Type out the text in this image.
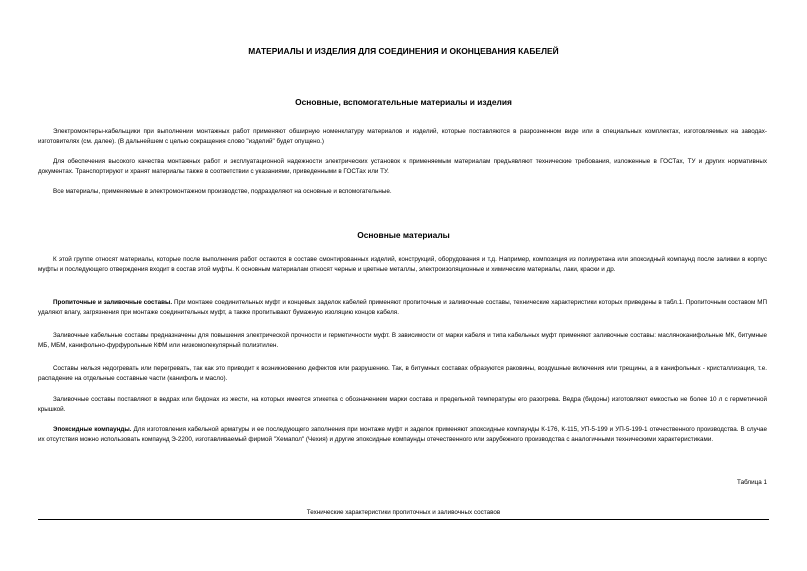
МАТЕРИАЛЫ И ИЗДЕЛИЯ ДЛЯ СОЕДИНЕНИЯ И ОКОНЦЕВАНИЯ КАБЕЛЕЙ
Основные, вспомогательные материалы и изделия

Электромонтеры-кабельщики при выполнении монтажных работ применяют обширную номенклатуру материалов и изделий, которые поставляются в разрозненном виде или в специальных комплектах, изготовляемых на заводах-изготовителях (см. далее). (В дальнейшем с целью сокращения слово "изделий" будет опущено.)

Для обеспечения высокого качества монтажных работ и эксплуатационной надежности электрических установок к применяемым материалам предъявляют технические требования, изложенные в ГОСТах, ТУ и других нормативных документах. Транспортируют и хранят материалы также в соответствии с указаниями, приведенными в ГОСТах или ТУ.

Все материалы, применяемые в электромонтажном производстве, подразделяют на основные и вспомогательные.

Основные материалы

К этой группе относят материалы, которые после выполнения работ остаются в составе смонтированных изделий, конструкций, оборудования и т.д. Например, композиция из полиуретана или эпоксидный компаунд после заливки в корпус муфты и последующего отверждения входит в состав этой муфты. К основным материалам относят черные и цветные металлы, электроизоляционные и химические материалы, лаки, краски и др.

Пропиточные и заливочные составы. При монтаже соединительных муфт и концевых заделок кабелей применяют пропиточные и заливочные составы, технические характеристики которых приведены в табл.1. Пропиточным составом МП удаляют влагу, загрязнения при монтаже соединительных муфт, а также пропитывают бумажную изоляцию концов кабеля.

Заливочные кабельные составы предназначены для повышения электрической прочности и герметичности муфт. В зависимости от марки кабеля и типа кабельных муфт применяют заливочные составы: масляноканифольные МК, битумные МБ, МБМ, канифольно-фурфурольные КФМ или низкомолекулярный полиэтилен.

Составы нельзя недогревать или перегревать, так как это приводит к возникновению дефектов или разрушению. Так, в битумных составах образуются раковины, воздушные включения или трещины, а в канифольных - кристаллизация, т.е. распадение на отдельные составные части (канифоль и масло).

Заливочные составы поставляют в ведрах или бидонах из жести, на которых имеется этикетка с обозначением марки состава и предельной температуры его разогрева. Ведра (бидоны) изготовляют емкостью не более 10 л с герметичной крышкой.

Эпоксидные компаунды. Для изготовления кабельной арматуры и ее последующего заполнения при монтаже муфт и заделок применяют эпоксидные компаунды К-176, К-115, УП-5-199 и УП-5-199-1 отечественного производства. В случае их отсутствия можно использовать компаунд Э-2200, изготавливаемый фирмой "Хемапол" (Чехия) и другие эпоксидные компаунды отечественного или зарубежного производства с аналогичными техническими характеристиками.

Таблица 1
Технические характеристики пропиточных и заливочных составов
